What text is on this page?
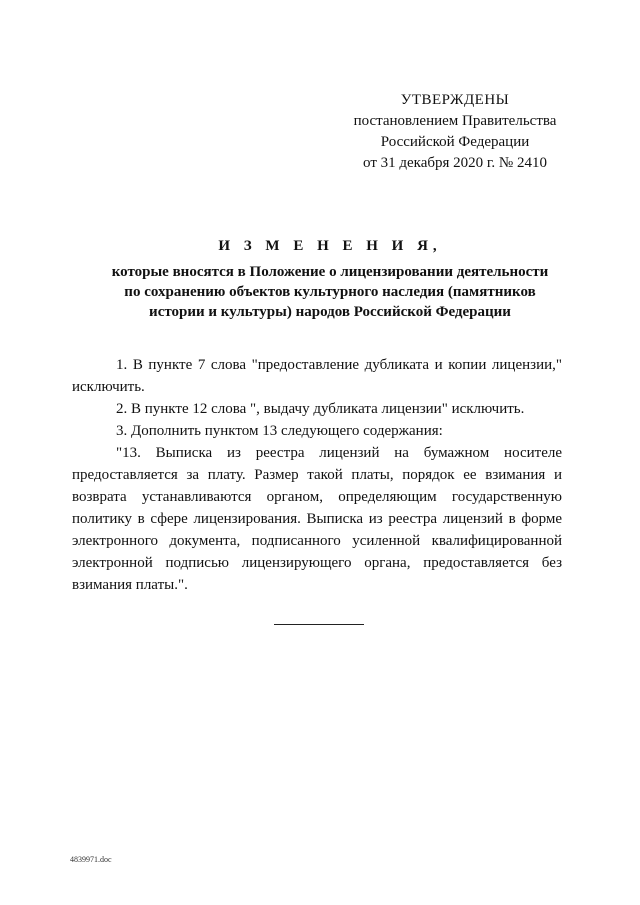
УТВЕРЖДЕНЫ
постановлением Правительства
Российской Федерации
от 31 декабря 2020 г. № 2410
И З М Е Н Е Н И Я,
которые вносятся в Положение о лицензировании деятельности
по сохранению объектов культурного наследия (памятников
истории и культуры) народов Российской Федерации

1. В пункте 7 слова "предоставление дубликата и копии лицензии," исключить.

2. В пункте 12 слова ", выдачу дубликата лицензии" исключить.

3. Дополнить пунктом 13 следующего содержания:

"13. Выписка из реестра лицензий на бумажном носителе предоставляется за плату. Размер такой платы, порядок ее взимания и возврата устанавливаются органом, определяющим государственную политику в сфере лицензирования. Выписка из реестра лицензий в форме электронного документа, подписанного усиленной квалифицированной электронной подписью лицензирующего органа, предоставляется без взимания платы.".

4839971.doc
